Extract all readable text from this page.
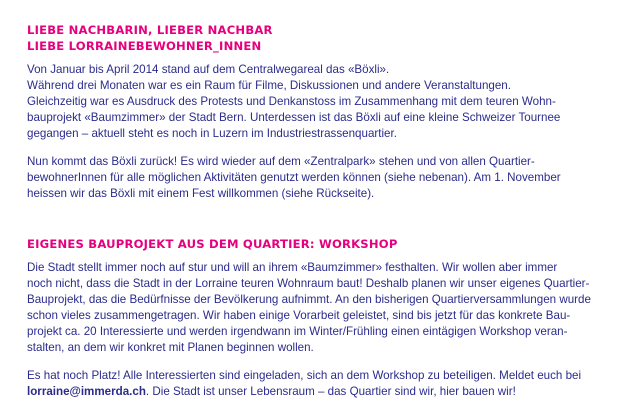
LIEBE NACHBARIN, LIEBER NACHBAR
LIEBE LORRAINEBEWOHNER_INNEN

Von Januar bis April 2014 stand auf dem Centralwegareal das «Böxli».
Während drei Monaten war es ein Raum für Filme, Diskussionen und andere Veranstaltungen.
Gleichzeitig war es Ausdruck des Protests und Denkanstoss im Zusammenhang mit dem teuren Wohn-
bauprojekt «Baumzimmer» der Stadt Bern. Unterdessen ist das Böxli auf eine kleine Schweizer Tournee
gegangen – aktuell steht es noch in Luzern im Industriestrassenquartier.

Nun kommt das Böxli zurück! Es wird wieder auf dem «Zentralpark» stehen und von allen Quartier-
bewohnerInnen für alle möglichen Aktivitäten genutzt werden können (siehe nebenan). Am 1. November
heissen wir das Böxli mit einem Fest willkommen (siehe Rückseite).

EIGENES BAUPROJEKT AUS DEM QUARTIER: WORKSHOP

Die Stadt stellt immer noch auf stur und will an ihrem «Baumzimmer» festhalten. Wir wollen aber immer
noch nicht, dass die Stadt in der Lorraine teuren Wohnraum baut! Deshalb planen wir unser eigenes Quartier-
Bauprojekt, das die Bedürfnisse der Bevölkerung aufnimmt. An den bisherigen Quartierversammlungen wurde
schon vieles zusammengetragen. Wir haben einige Vorarbeit geleistet, sind bis jetzt für das konkrete Bau-
projekt ca. 20 Interessierte und werden irgendwann im Winter/Frühling einen eintägigen Workshop veran-
stalten, an dem wir konkret mit Planen beginnen wollen.

Es hat noch Platz! Alle Interessierten sind eingeladen, sich an dem Workshop zu beteiligen. Meldet euch bei
lorraine@immerda.ch. Die Stadt ist unser Lebensraum – das Quartier sind wir, hier bauen wir!
